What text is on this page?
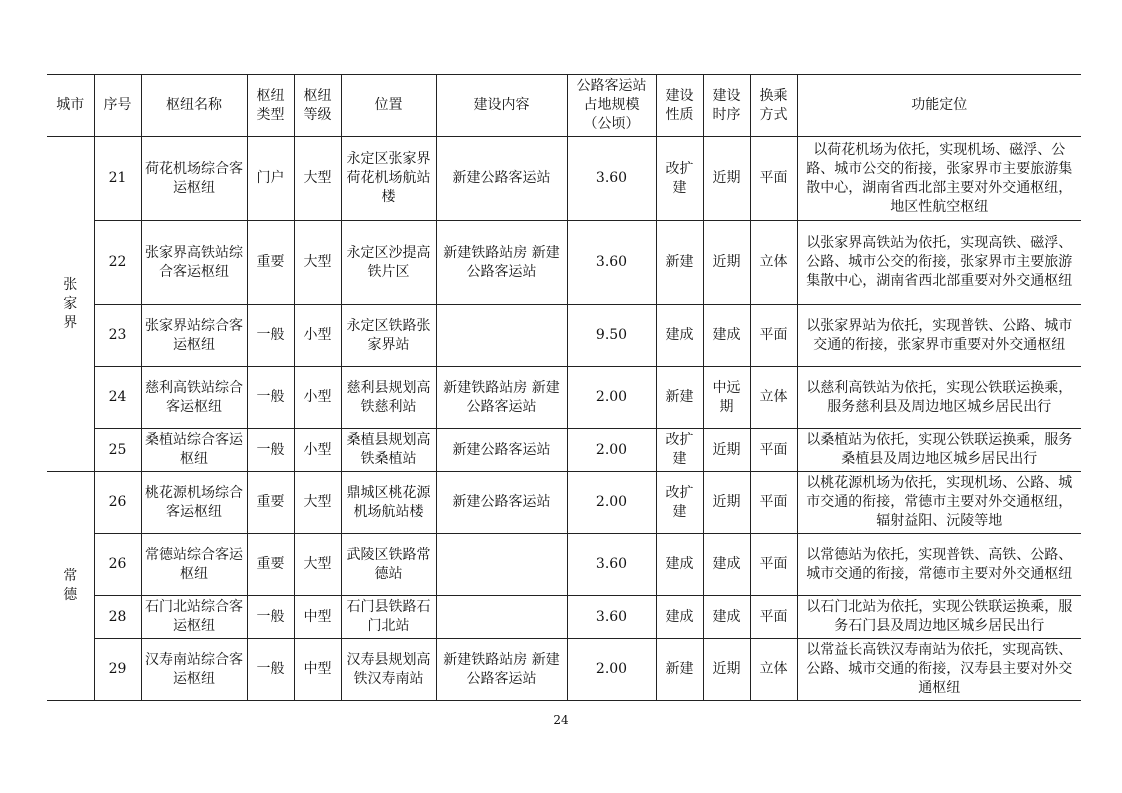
城市	序号	枢纽名称	枢纽类型	枢纽等级	位置	建设内容	公路客运站占地规模（公顷）	建设性质	建设时序	换乘方式	功能定位
张家界	21	荷花机场综合客运枢纽	门户	大型	永定区张家界荷花机场航站楼	新建公路客运站	3.60	改扩建	近期	平面	以荷花机场为依托，实现机场、磁浮、公路、城市公交的衔接，张家界市主要旅游集散中心，湖南省西北部主要对外交通枢纽，地区性航空枢纽
	22	张家界高铁站综合客运枢纽	重要	大型	永定区沙提高铁片区	新建铁路站房 新建公路客运站	3.60	新建	近期	立体	以张家界高铁站为依托，实现高铁、磁浮、公路、城市公交的衔接，张家界市主要旅游集散中心，湖南省西北部重要对外交通枢纽
	23	张家界站综合客运枢纽	一般	小型	永定区铁路张家界站		9.50	建成	建成	平面	以张家界站为依托，实现普铁、公路、城市交通的衔接，张家界市重要对外交通枢纽
	24	慈利高铁站综合客运枢纽	一般	小型	慈利县规划高铁慈利站	新建铁路站房 新建公路客运站	2.00	新建	中远期	立体	以慈利高铁站为依托，实现公铁联运换乘，服务慈利县及周边地区城乡居民出行
	25	桑植站综合客运枢纽	一般	小型	桑植县规划高铁桑植站	新建公路客运站	2.00	改扩建	近期	平面	以桑植站为依托，实现公铁联运换乘，服务桑植县及周边地区城乡居民出行
常德	26	桃花源机场综合客运枢纽	重要	大型	鼎城区桃花源机场航站楼	新建公路客运站	2.00	改扩建	近期	平面	以桃花源机场为依托，实现机场、公路、城市交通的衔接，常德市主要对外交通枢纽，辐射益阳、沅陵等地
	26	常德站综合客运枢纽	重要	大型	武陵区铁路常德站		3.60	建成	建成	平面	以常德站为依托，实现普铁、高铁、公路、城市交通的衔接，常德市主要对外交通枢纽
	28	石门北站综合客运枢纽	一般	中型	石门县铁路石门北站		3.60	建成	建成	平面	以石门北站为依托，实现公铁联运换乘，服务石门县及周边地区城乡居民出行
	29	汉寿南站综合客运枢纽	一般	中型	汉寿县规划高铁汉寿南站	新建铁路站房 新建公路客运站	2.00	新建	近期	立体	以常益长高铁汉寿南站为依托，实现高铁、公路、城市交通的衔接，汉寿县主要对外交通枢纽
24
